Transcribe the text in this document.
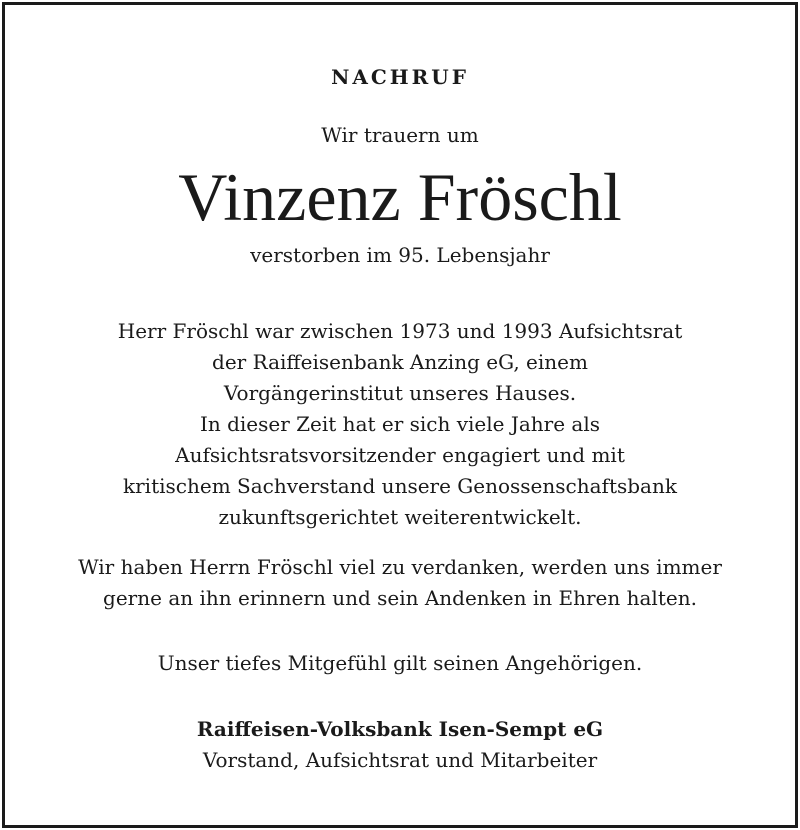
NACHRUF
Wir trauern um
Vinzenz Fröschl
verstorben im 95. Lebensjahr
Herr Fröschl war zwischen 1973 und 1993 Aufsichtsrat
der Raiffeisenbank Anzing eG, einem
Vorgängerinstitut unseres Hauses.
In dieser Zeit hat er sich viele Jahre als
Aufsichtsratsvorsitzender engagiert und mit
kritischem Sachverstand unsere Genossenschaftsbank
zukunftsgerichtet weiterentwickelt.
Wir haben Herrn Fröschl viel zu verdanken, werden uns immer
gerne an ihn erinnern und sein Andenken in Ehren halten.
Unser tiefes Mitgefühl gilt seinen Angehörigen.
Raiffeisen-Volksbank Isen-Sempt eG
Vorstand, Aufsichtsrat und Mitarbeiter
